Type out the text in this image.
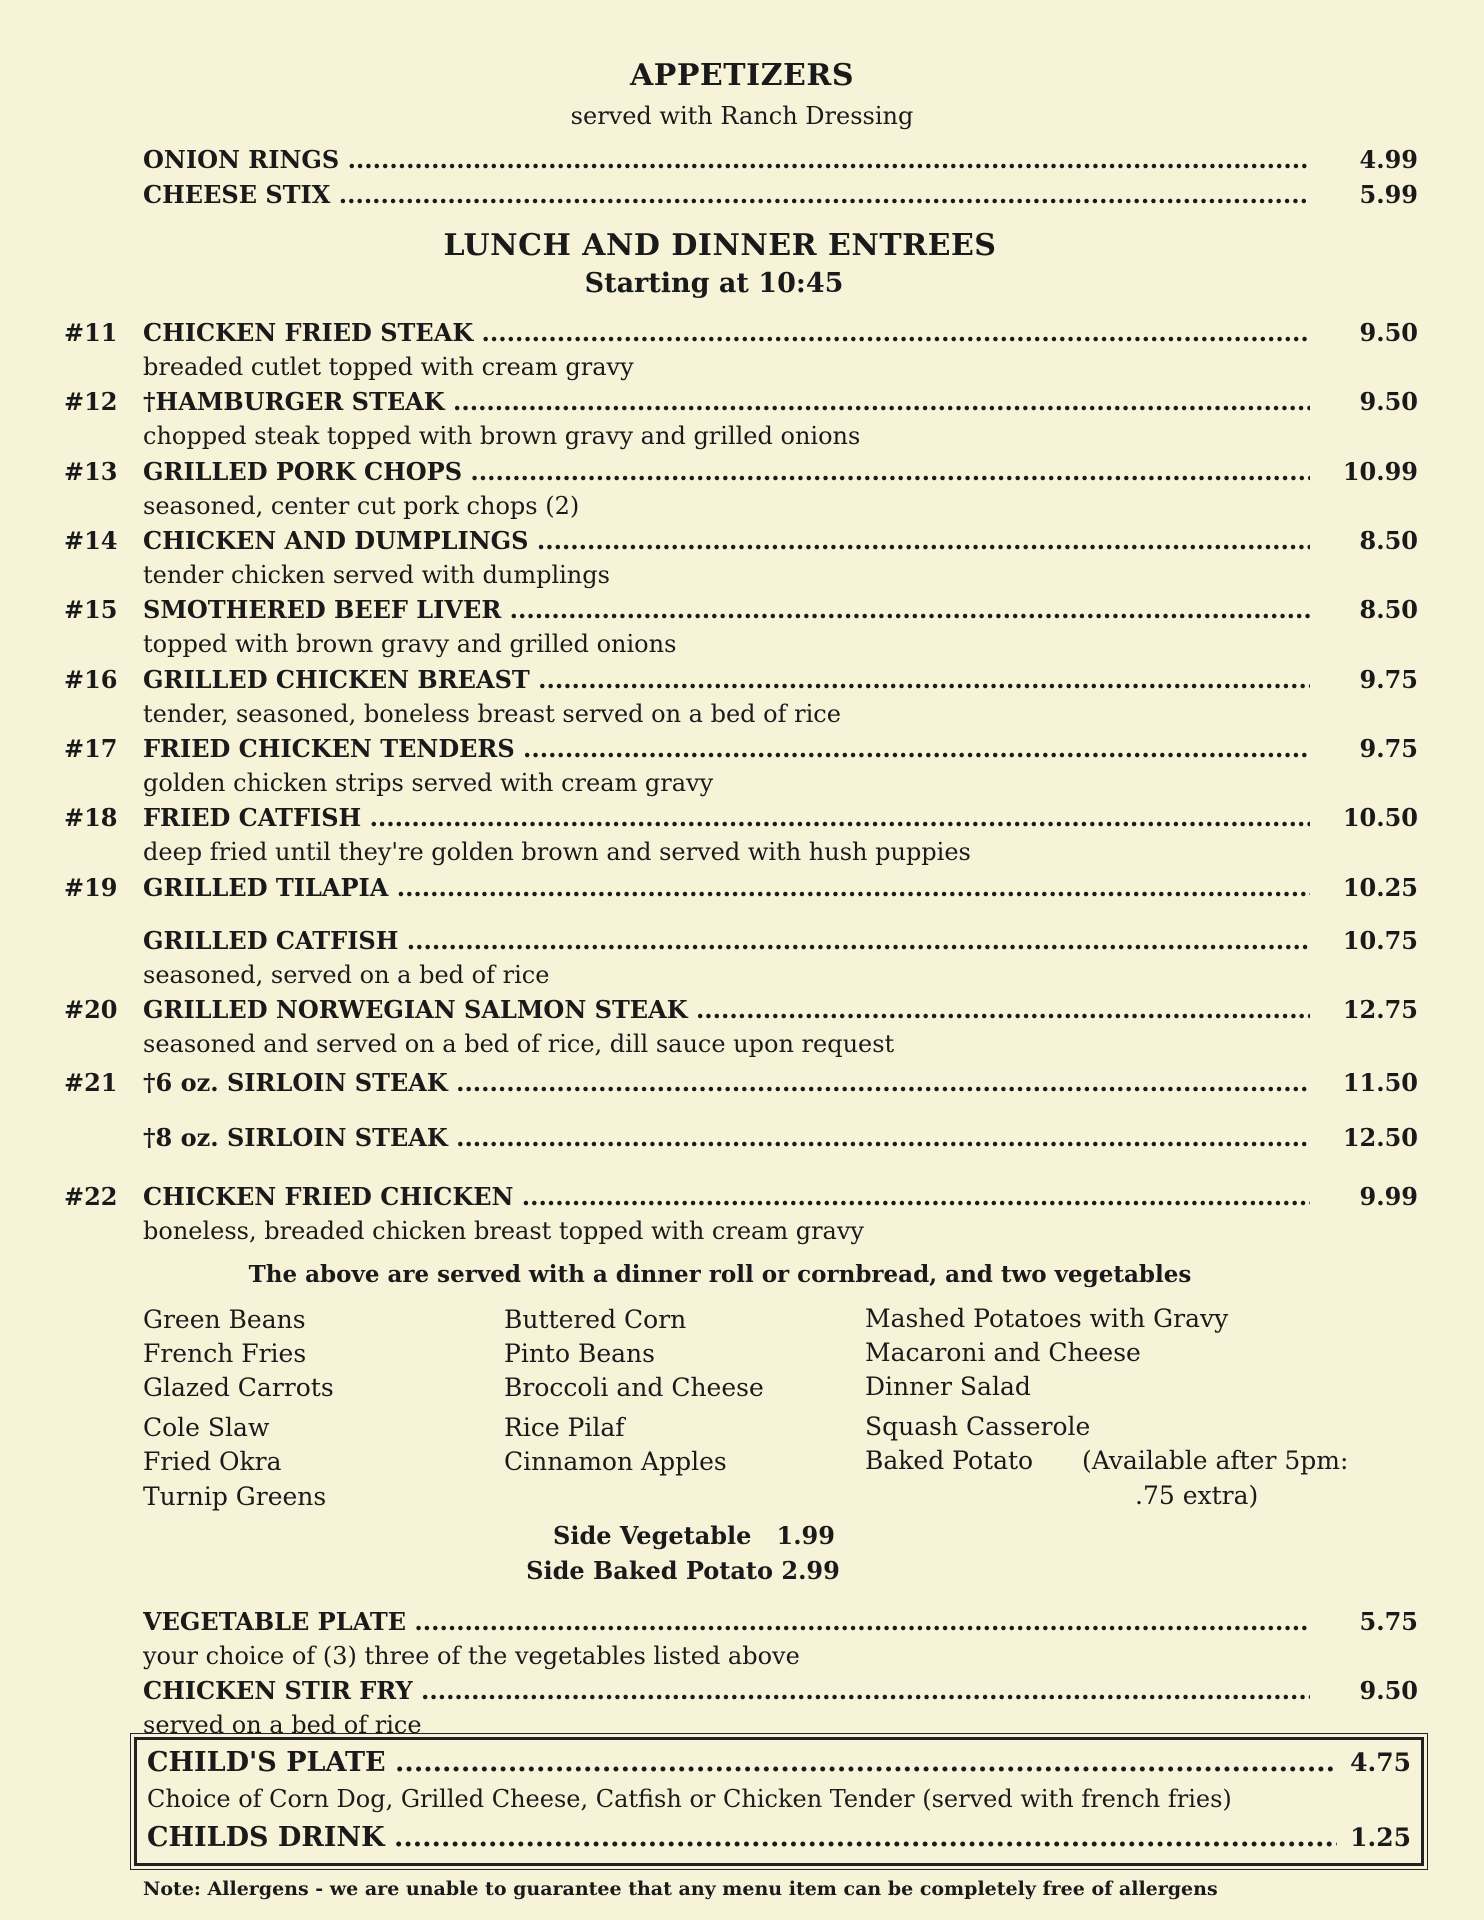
APPETIZERS
served with Ranch Dressing
ONION RINGS .....	4.99
CHEESE STIX .....	5.99
LUNCH AND DINNER ENTREES
Starting at 10:45
#11 CHICKEN FRIED STEAK .....	9.50
breaded cutlet topped with cream gravy
#12 †HAMBURGER STEAK .....	9.50
chopped steak topped with brown gravy and grilled onions
#13 GRILLED PORK CHOPS .....	10.99
seasoned, center cut pork chops (2)
#14 CHICKEN AND DUMPLINGS .....	8.50
tender chicken served with dumplings
#15 SMOTHERED BEEF LIVER .....	8.50
topped with brown gravy and grilled onions
#16 GRILLED CHICKEN BREAST .....	9.75
tender, seasoned, boneless breast served on a bed of rice
#17 FRIED CHICKEN TENDERS .....	9.75
golden chicken strips served with cream gravy
#18 FRIED CATFISH .....	10.50
deep fried until they're golden brown and served with hush puppies
#19 GRILLED TILAPIA .....	10.25
GRILLED CATFISH .....	10.75
seasoned, served on a bed of rice
#20 GRILLED NORWEGIAN SALMON STEAK .....	12.75
seasoned and served on a bed of rice, dill sauce upon request
#21 †6 oz. SIRLOIN STEAK .....	11.50
†8 oz. SIRLOIN STEAK .....	12.50
#22 CHICKEN FRIED CHICKEN .....	9.99
boneless, breaded chicken breast topped with cream gravy
The above are served with a dinner roll or cornbread, and two vegetables
Green Beans
French Fries
Glazed Carrots
Cole Slaw
Fried Okra
Turnip Greens
Buttered Corn
Pinto Beans
Broccoli and Cheese
Rice Pilaf
Cinnamon Apples
Mashed Potatoes with Gravy
Macaroni and Cheese
Dinner Salad
Squash Casserole
Baked Potato (Available after 5pm:
.75 extra)
Side Vegetable   1.99
Side Baked Potato 2.99
VEGETABLE PLATE .....	5.75
your choice of (3) three of the vegetables listed above
CHICKEN STIR FRY .....	9.50
served on a bed of rice
CHILD'S PLATE .....	4.75
Choice of Corn Dog, Grilled Cheese, Catfish or Chicken Tender (served with french fries)
CHILDS DRINK .....	1.25
Note: Allergens - we are unable to guarantee that any menu item can be completely free of allergens
